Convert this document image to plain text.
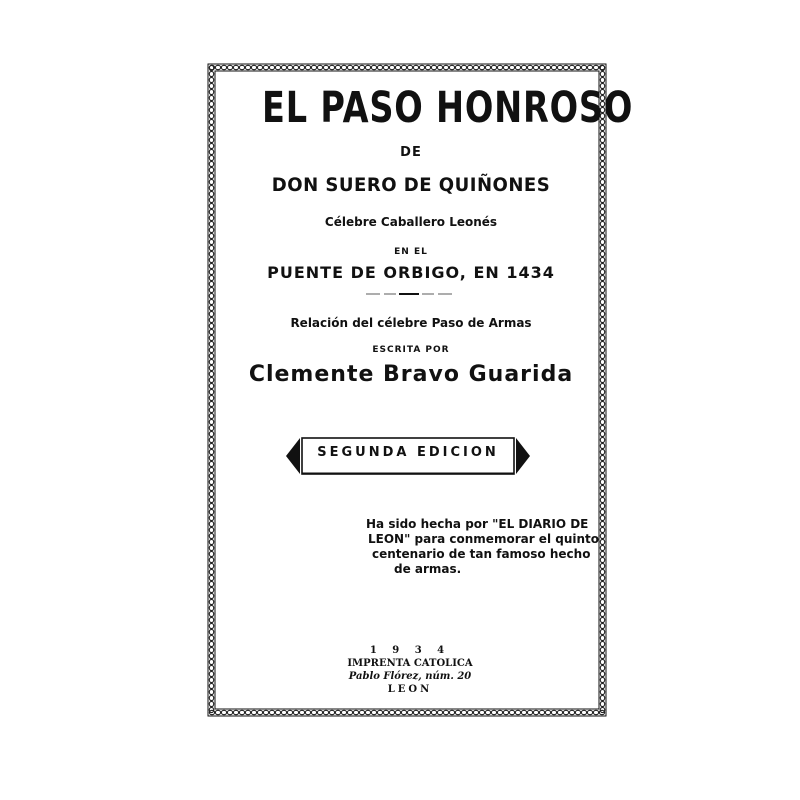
EL PASO HONROSO
DE
DON SUERO DE QUIÑONES
Célebre Caballero Leonés
EN EL
PUENTE DE ORBIGO, EN 1434
Relación del célebre Paso de Armas
ESCRITA POR
Clemente Bravo Guarida
SEGUNDA EDICION
Ha sido hecha por "EL DIARIO DE
LEON" para conmemorar el quinto
centenario de tan famoso hecho
de armas.
1 9 3 4
IMPRENTA CATOLICA
Pablo Flórez, núm. 20
LEON
